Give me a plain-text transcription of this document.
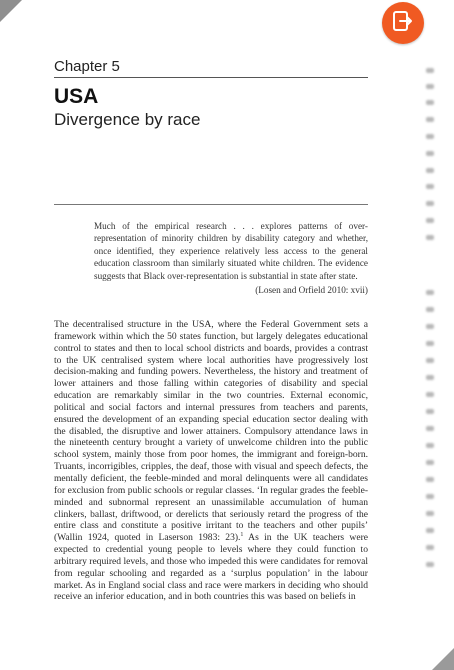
Chapter 5
USA
Divergence by race
Much of the empirical research . . . explores patterns of over-representation of minority children by disability category and whether, once identified, they experience relatively less access to the general education classroom than similarly situated white children. The evidence suggests that Black over-representation is substantial in state after state.
(Losen and Orfield 2010: xvii)
The decentralised structure in the USA, where the Federal Government sets a framework within which the 50 states function, but largely delegates educational control to states and then to local school districts and boards, provides a contrast to the UK centralised system where local authorities have progressively lost decision-making and funding powers. Nevertheless, the history and treatment of lower attainers and those falling within categories of disability and special education are remarkably similar in the two countries. External economic, political and social factors and internal pressures from teachers and parents, ensured the development of an expanding special education sector dealing with the disabled, the disruptive and lower attainers. Compulsory attendance laws in the nineteenth century brought a variety of unwelcome children into the public school system, mainly those from poor homes, the immigrant and foreign-born. Truants, incorrigibles, cripples, the deaf, those with visual and speech defects, the mentally deficient, the feeble-minded and moral delinquents were all candidates for exclusion from public schools or regular classes. ‘In regular grades the feeble-minded and subnormal represent an unassimilable accumulation of human clinkers, ballast, driftwood, or derelicts that seriously retard the progress of the entire class and constitute a positive irritant to the teachers and other pupils’ (Wallin 1924, quoted in Laserson 1983: 23).$^1$ As in the UK teachers were expected to credential young people to levels where they could function to arbitrary required levels, and those who impeded this were candidates for removal from regular schooling and regarded as a ‘surplus population’ in the labour market. As in England social class and race were markers in deciding who should receive an inferior education, and in both countries this was based on beliefs in
